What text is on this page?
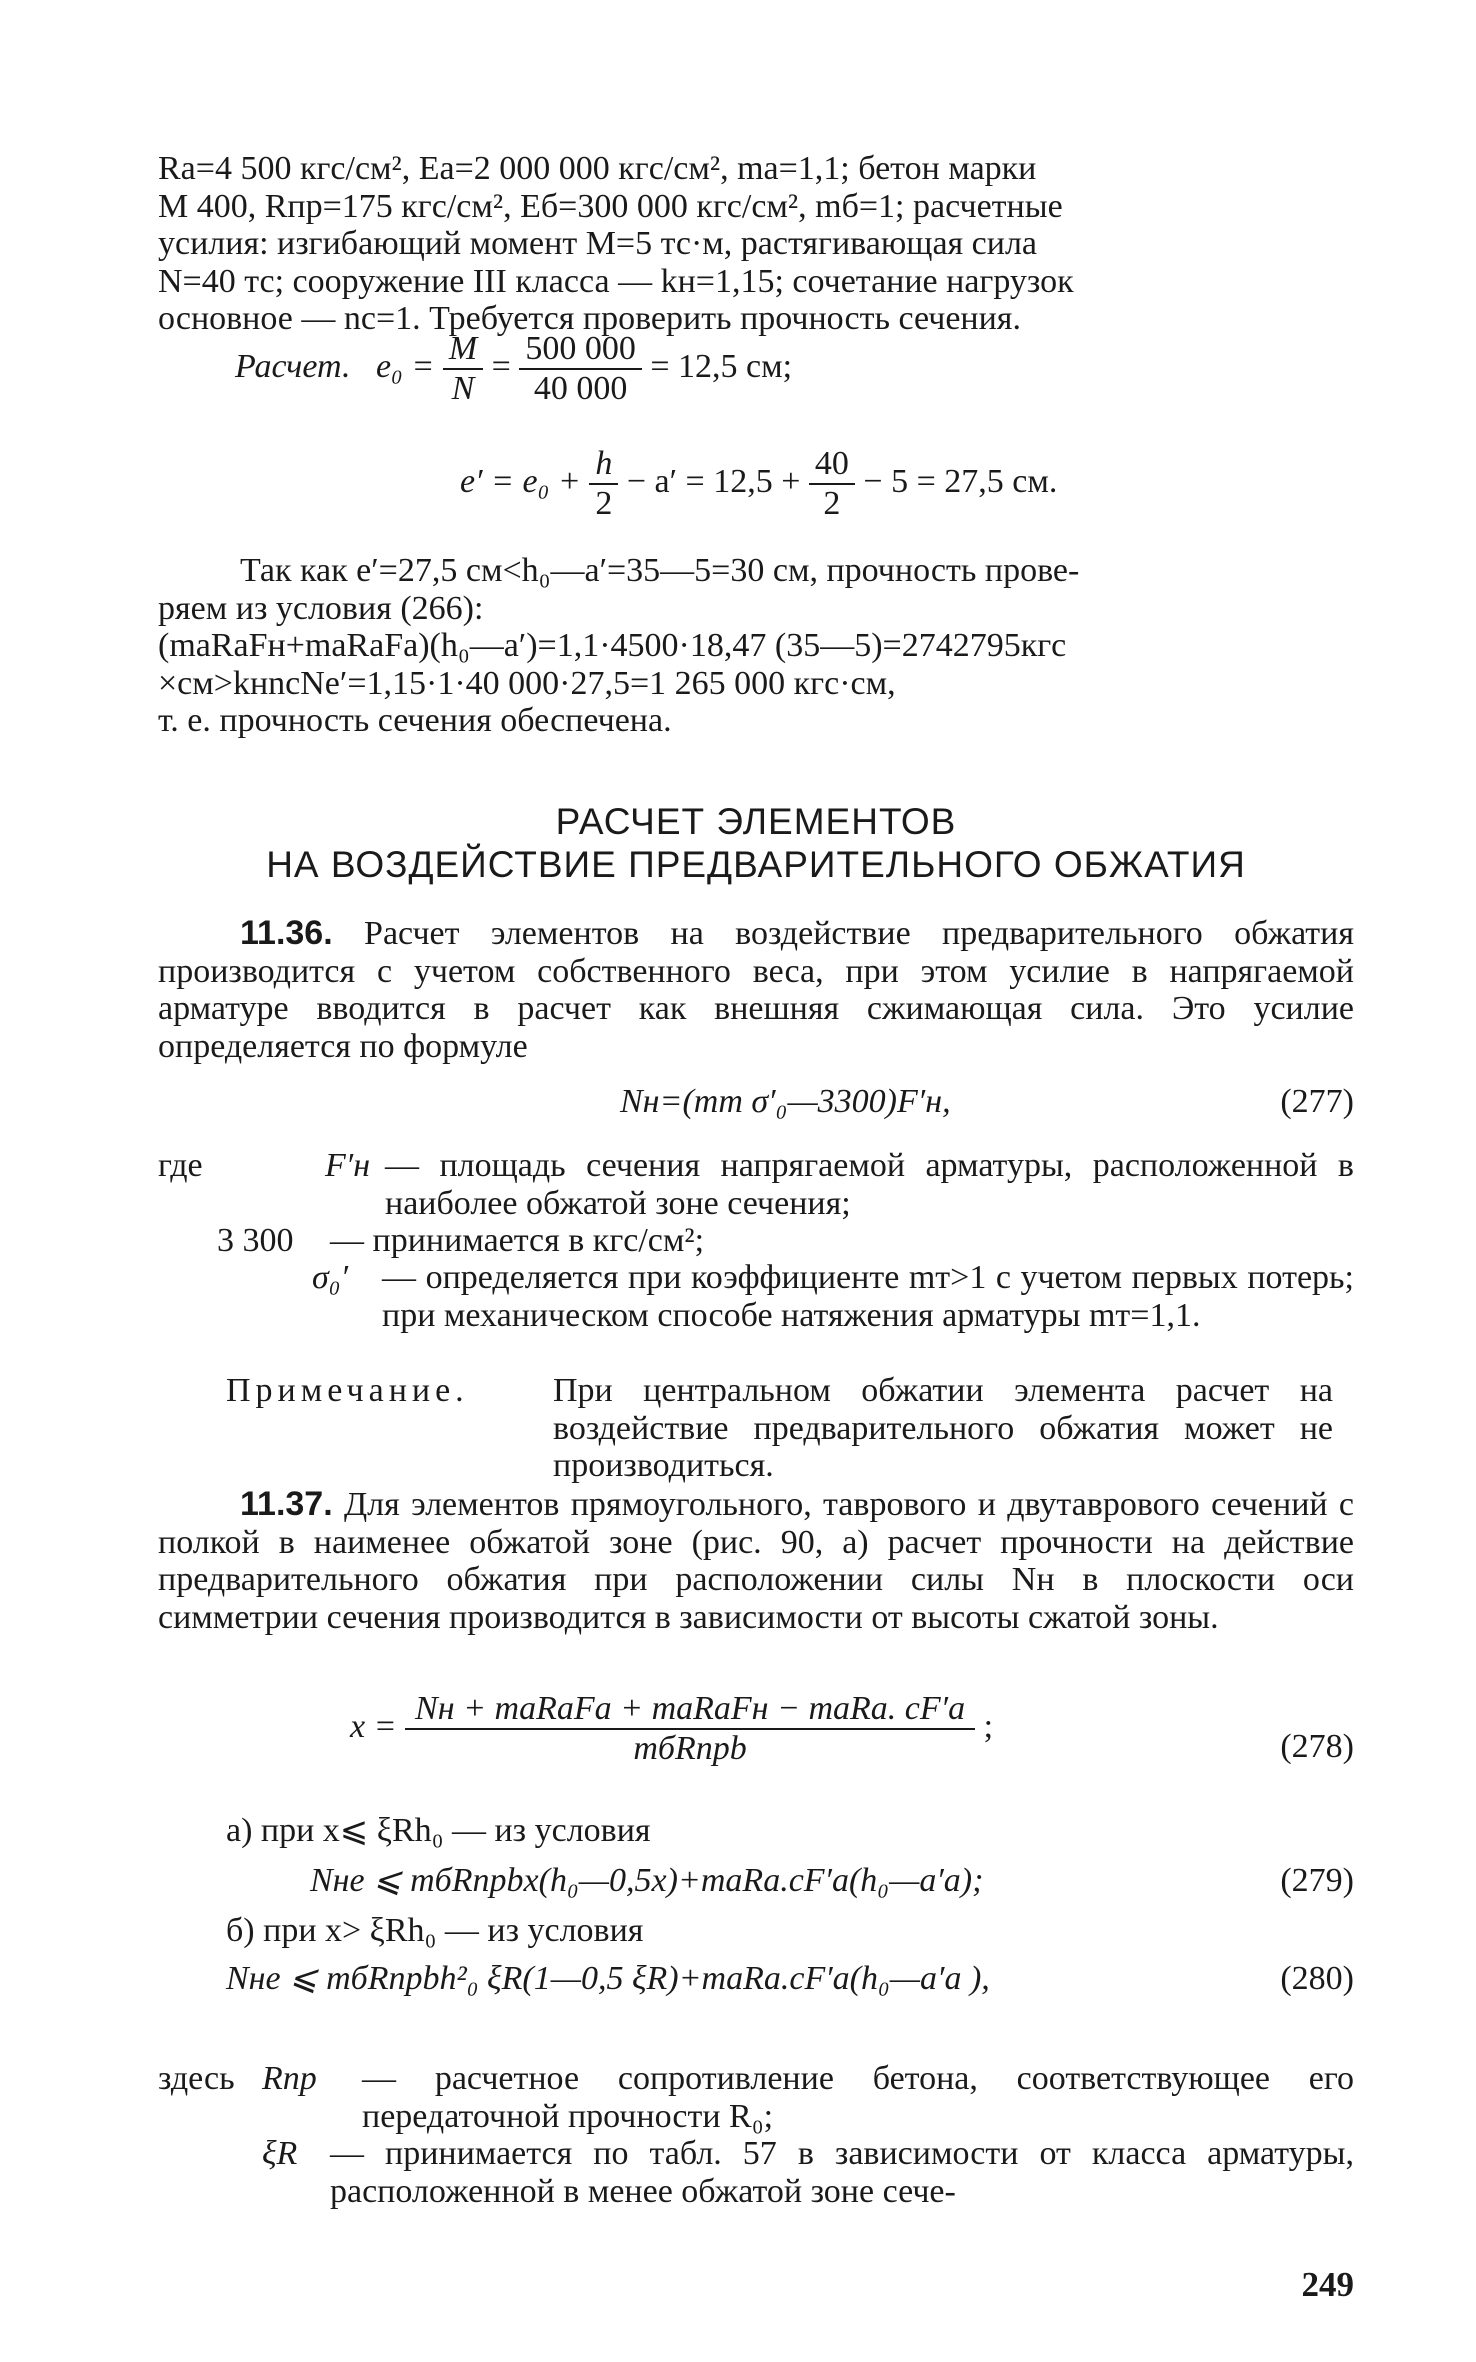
Rа=4 500 кгс/см², Eа=2 000 000 кгс/см², mа=1,1; бетон марки

М 400, Rпр=175 кгс/см², Eб=300 000 кгс/см², mб=1; расчетные

усилия: изгибающий момент M=5 тс·м, растягивающая сила

N=40 тс; сооружение III класса — kн=1,15; сочетание нагрузок

основное — nс=1. Требуется проверить прочность сечения.

Расчет. $e_0 = \frac{M}{N} = \frac{500 000}{40 000} = 12,5$ см;
$e' = e_0 + \frac{h}{2} - a' = 12,5 + \frac{40}{2} - 5 = 27,5$ см.

Так как e′=27,5 см<h₀—a′=35—5=30 см, прочность прове-

ряем из условия (266):

(mаRаFн+mаRаFа)(h₀—a′)=1,1·4500·18,47 (35—5)=2742795кгс

×см>kнnсNe′=1,15·1·40 000·27,5=1 265 000 кгс·см,

т. е. прочность сечения обеспечена.

РАСЧЕТ ЭЛЕМЕНТОВ
НА ВОЗДЕЙСТВИЕ ПРЕДВАРИТЕЛЬНОГО ОБЖАТИЯ

11.36. Расчет элементов на воздействие предварительного обжатия производится с учетом собственного веса, при этом усилие в напрягаемой арматуре вводится в расчет как внешняя сжимающая сила. Это усилие определяется по формуле

Nн=(mт σ′₀—3300)F′н,	(277)
где	F′н — площадь сечения напрягаемой арматуры, расположенной в наиболее обжатой зоне сечения;
3 300 — принимается в кгс/см²;
σ₀′ — определяется при коэффициенте mт>1 с учетом первых потерь; при механическом способе натяжения арматуры mт=1,1.
Примечание. При центральном обжатии элемента расчет на воздействие предварительного обжатия может не производиться.

11.37. Для элементов прямоугольного, таврового и двутаврового сечений с полкой в наименее обжатой зоне (рис. 90, а) расчет прочности на действие предварительного обжатия при расположении силы Nн в плоскости оси симметрии сечения производится в зависимости от высоты сжатой зоны.

$x = \frac{\text{Nн + mаRаFа + mаRаFн − mаRа. сF′а}}{\text{mбRпрb}}$ ;
(278)
а) при x⩽ ξRh₀ — из условия
Nнe ⩽ mбRпрbx(h₀—0,5x)+mаRа.сF′а(h₀—a′а);	(279)
б) при x> ξRh₀ — из условия
Nнe ⩽ mбRпрbh²₀ ξR(1—0,5 ξR)+mаRа.сF′а(h₀—a′а ),	(280)
здесь Rпр — расчетное сопротивление бетона, соответствующее его передаточной прочности R₀;
ξR — принимается по табл. 57 в зависимости от класса арматуры, расположенной в менее обжатой зоне сече-
249
